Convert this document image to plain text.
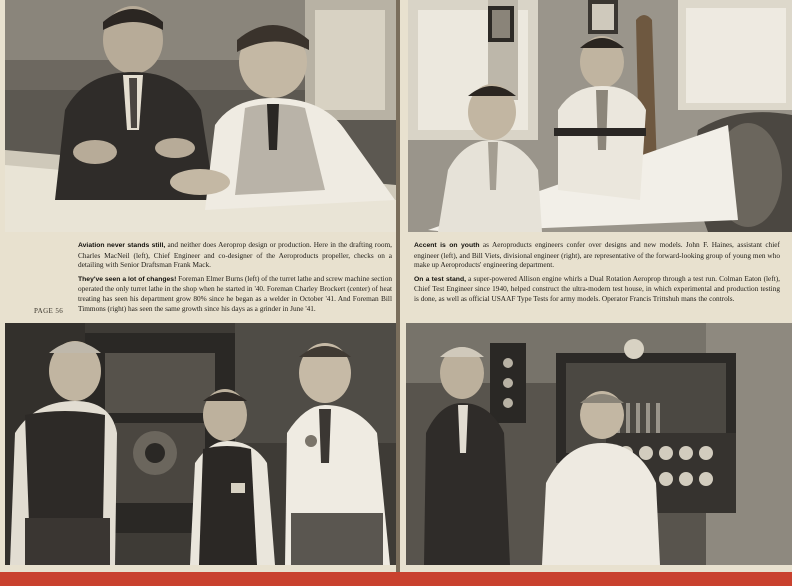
Aviation never stands still, and neither does Aeroprop design or production. Here in the drafting room, Charles MacNeil (left), Chief Engineer and co-designer of the Aeroproducts propeller, checks on a detailing with Senior Draftsman Frank Mack.

They've seen a lot of changes! Foreman Elmer Burns (left) of the turret lathe and screw machine section operated the only turret lathe in the shop when he started in '40. Foreman Charley Brockert (center) of heat treating has seen his department grow 80% since he began as a welder in October '41. And Foreman Bill Timmons (right) has seen the same growth since his days as a grinder in June '41.

PAGE 56

Accent is on youth as Aeroproducts engineers confer over designs and new models. John F. Haines, assistant chief engineer (left), and Bill Viets, divisional engineer (right), are representative of the forward-looking group of young men who make up Aeroproducts' engineering department.

On a test stand, a super-powered Allison engine whirls a Dual Rotation Aeroprop through a test run. Colman Eaton (left), Chief Test Engineer since 1940, helped construct the ultra-modern test house, in which experimental and production testing is done, as well as official USAAF Type Tests for army models. Operator Francis Trittshuh mans the controls.
